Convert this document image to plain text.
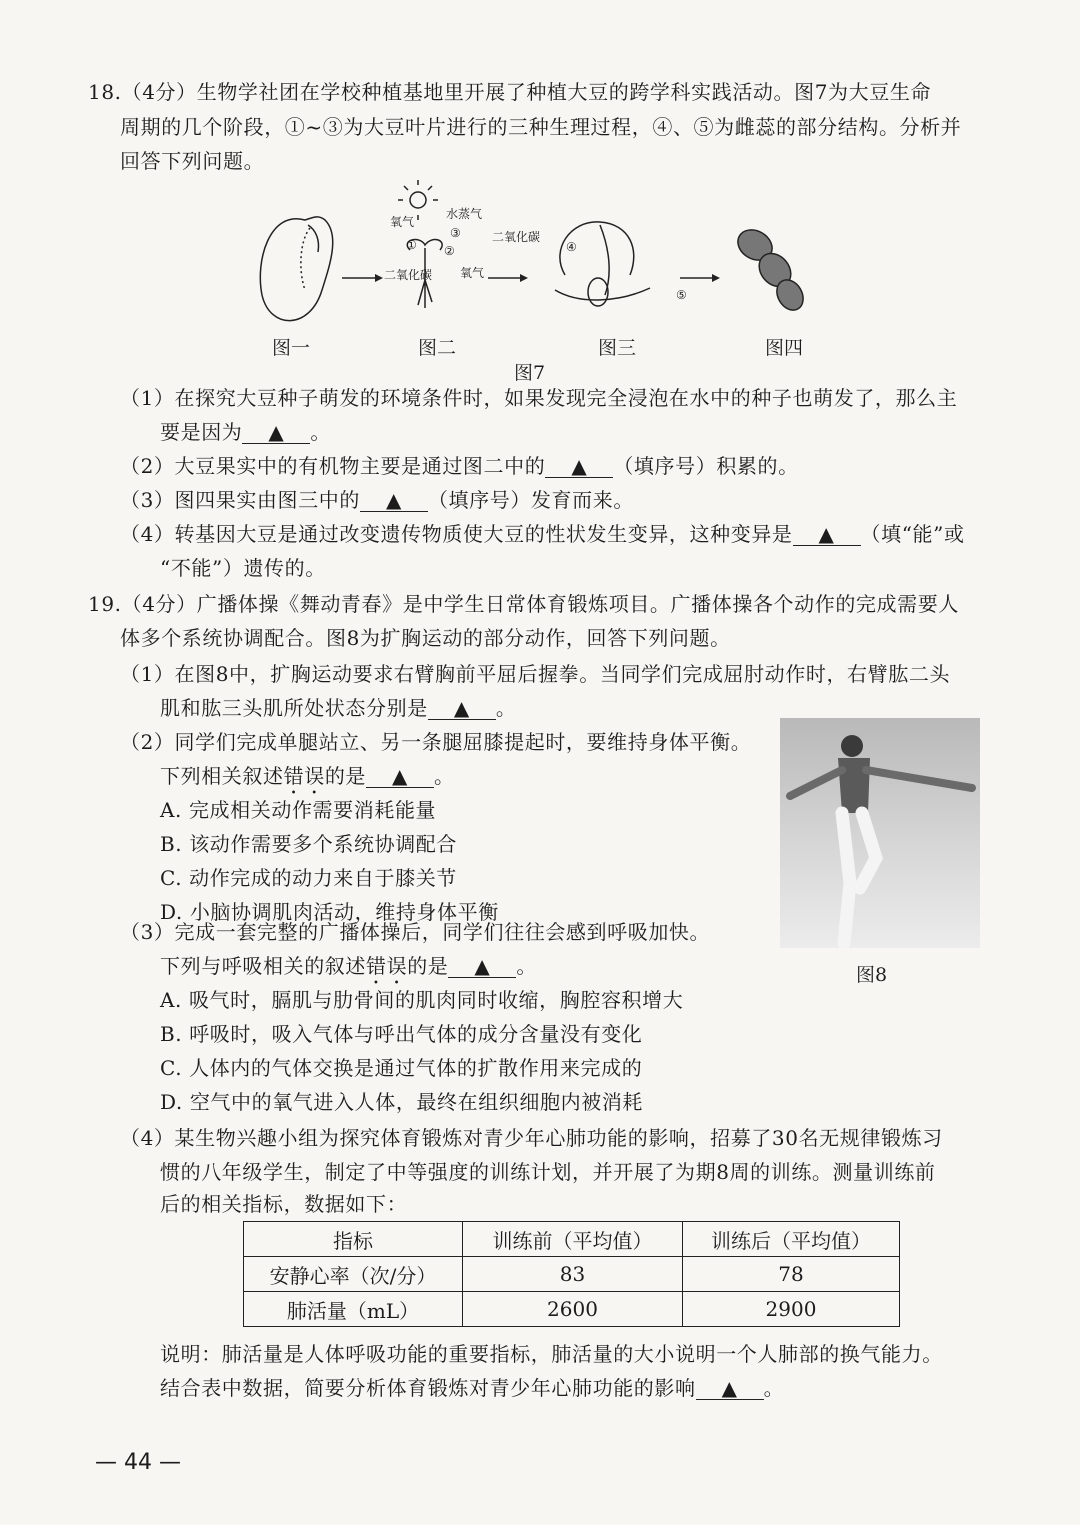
18.（4分）生物学社团在学校种植基地里开展了种植大豆的跨学科实践活动。图7为大豆生命
周期的几个阶段，①~③为大豆叶片进行的三种生理过程，④、⑤为雌蕊的部分结构。分析并
回答下列问题。
氧气
水蒸气
二氧化碳
二氧化碳 氧气
① ②
③
④
⑤
图一	图二	图三	图四
图7
（1）在探究大豆种子萌发的环境条件时，如果发现完全浸泡在水中的种子也萌发了，那么主
要是因为 ▲ 。
（2）大豆果实中的有机物主要是通过图二中的 ▲ （填序号）积累的。
（3）图四果实由图三中的 ▲ （填序号）发育而来。
（4）转基因大豆是通过改变遗传物质使大豆的性状发生变异，这种变异是 ▲ （填“能”或
“不能”）遗传的。
19.（4分）广播体操《舞动青春》是中学生日常体育锻炼项目。广播体操各个动作的完成需要人
体多个系统协调配合。图8为扩胸运动的部分动作，回答下列问题。
（1）在图8中，扩胸运动要求右臂胸前平屈后握拳。当同学们完成屈肘动作时，右臂肱二头
肌和肱三头肌所处状态分别是 ▲ 。
（2）同学们完成单腿站立、另一条腿屈膝提起时，要维持身体平衡。
下列相关叙述错误的是 ▲ 。
A. 完成相关动作需要消耗能量
B. 该动作需要多个系统协调配合
C. 动作完成的动力来自于膝关节
D. 小脑协调肌肉活动，维持身体平衡
图8
（3）完成一套完整的广播体操后，同学们往往会感到呼吸加快。
下列与呼吸相关的叙述错误的是 ▲ 。
A. 吸气时，膈肌与肋骨间的肌肉同时收缩，胸腔容积增大
B. 呼吸时，吸入气体与呼出气体的成分含量没有变化
C. 人体内的气体交换是通过气体的扩散作用来完成的
D. 空气中的氧气进入人体，最终在组织细胞内被消耗
（4）某生物兴趣小组为探究体育锻炼对青少年心肺功能的影响，招募了30名无规律锻炼习
惯的八年级学生，制定了中等强度的训练计划，并开展了为期8周的训练。测量训练前
后的相关指标，数据如下：
指标	训练前（平均值）	训练后（平均值）
安静心率（次/分）	83	78
肺活量（mL）	2600	2900
说明：肺活量是人体呼吸功能的重要指标，肺活量的大小说明一个人肺部的换气能力。
结合表中数据，简要分析体育锻炼对青少年心肺功能的影响 ▲ 。
— 44 —
